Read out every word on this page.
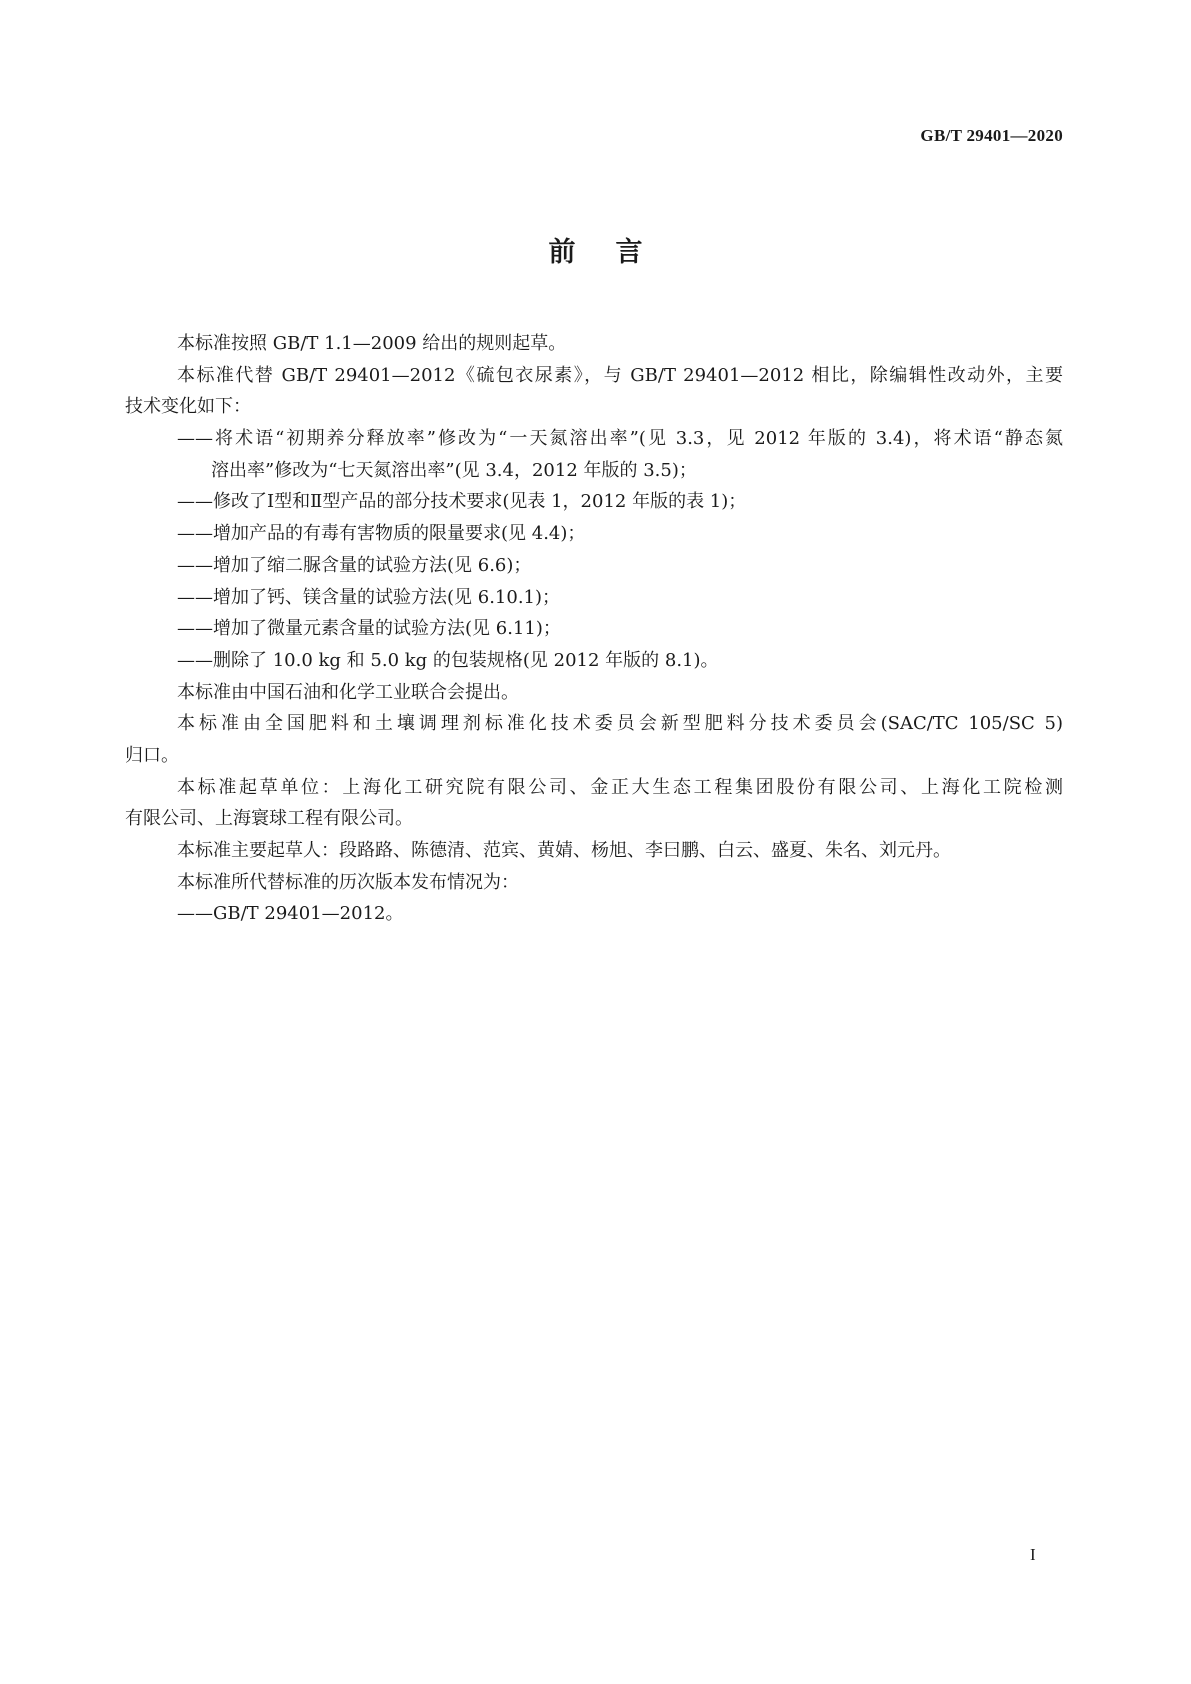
GB/T 29401—2020
前言
本标准按照 GB/T 1.1—2009 给出的规则起草。
本标准代替 GB/T 29401—2012《硫包衣尿素》，与 GB/T 29401—2012 相比，除编辑性改动外，主要
技术变化如下：
——将术语“初期养分释放率”修改为“一天氮溶出率”(见 3.3，见 2012 年版的 3.4)，将术语“静态氮
溶出率”修改为“七天氮溶出率”(见 3.4，2012 年版的 3.5)；
——修改了Ⅰ型和Ⅱ型产品的部分技术要求(见表 1，2012 年版的表 1)；
——增加产品的有毒有害物质的限量要求(见 4.4)；
——增加了缩二脲含量的试验方法(见 6.6)；
——增加了钙、镁含量的试验方法(见 6.10.1)；
——增加了微量元素含量的试验方法(见 6.11)；
——删除了 10.0 kg 和 5.0 kg 的包装规格(见 2012 年版的 8.1)。
本标准由中国石油和化学工业联合会提出。
本标准由全国肥料和土壤调理剂标准化技术委员会新型肥料分技术委员会(SAC/TC 105/SC 5)
归口。
本标准起草单位：上海化工研究院有限公司、金正大生态工程集团股份有限公司、上海化工院检测
有限公司、上海寰球工程有限公司。
本标准主要起草人：段路路、陈德清、范宾、黄婧、杨旭、李曰鹏、白云、盛夏、朱名、刘元丹。
本标准所代替标准的历次版本发布情况为：
——GB/T 29401—2012。
I
